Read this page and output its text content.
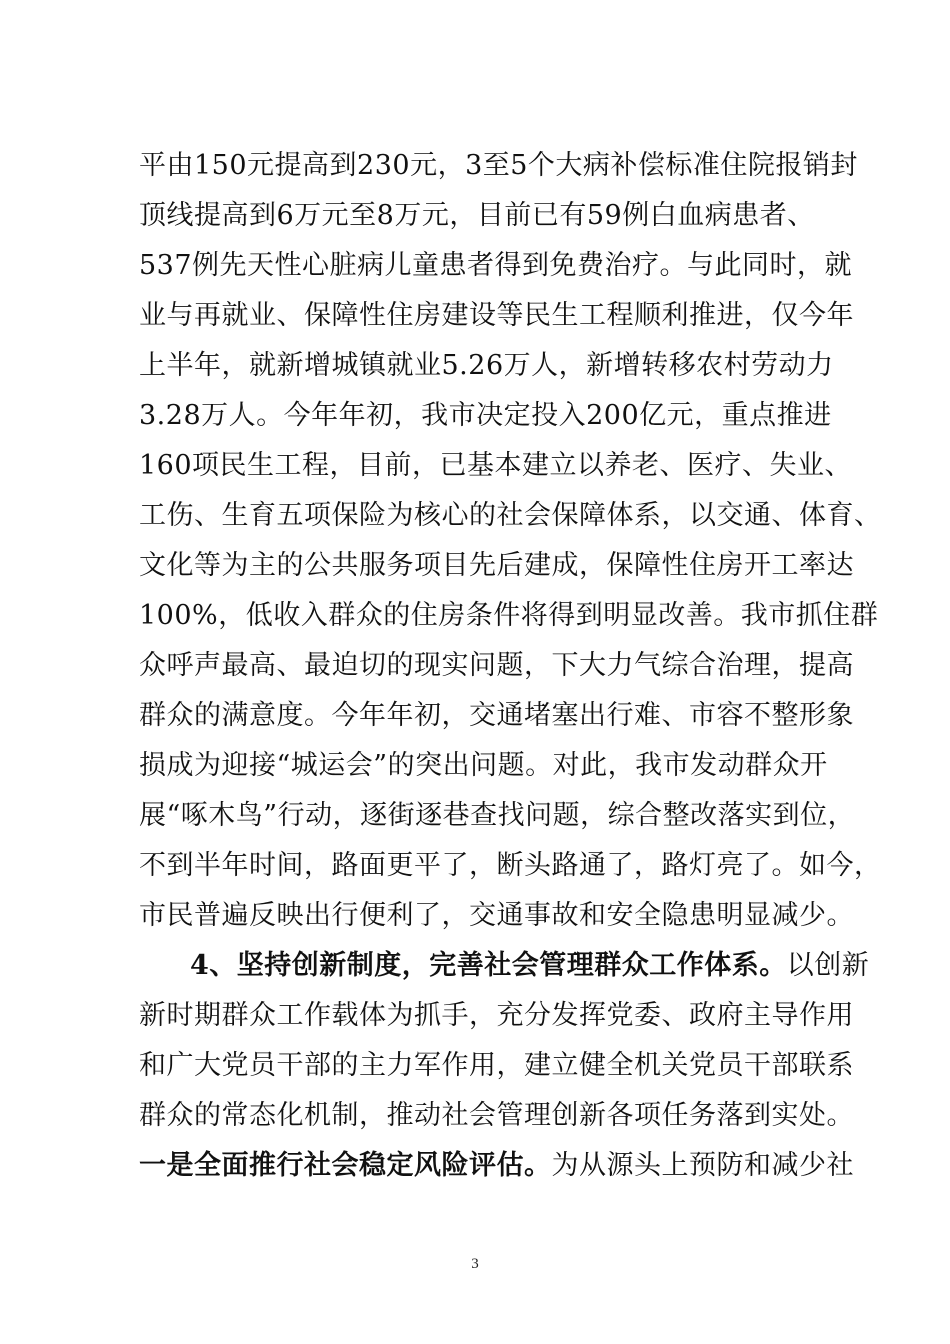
平由150元提高到230元，3至5个大病补偿标准住院报销封
顶线提高到6万元至8万元，目前已有59例白血病患者、
537例先天性心脏病儿童患者得到免费治疗。与此同时，就
业与再就业、保障性住房建设等民生工程顺利推进，仅今年
上半年，就新增城镇就业5.26万人，新增转移农村劳动力
3.28万人。今年年初，我市决定投入200亿元，重点推进
160项民生工程，目前，已基本建立以养老、医疗、失业、
工伤、生育五项保险为核心的社会保障体系，以交通、体育、
文化等为主的公共服务项目先后建成，保障性住房开工率达
100%，低收入群众的住房条件将得到明显改善。我市抓住群
众呼声最高、最迫切的现实问题，下大力气综合治理，提高
群众的满意度。今年年初，交通堵塞出行难、市容不整形象
损成为迎接“城运会”的突出问题。对此，我市发动群众开
展“啄木鸟”行动，逐街逐巷查找问题，综合整改落实到位，
不到半年时间，路面更平了，断头路通了，路灯亮了。如今，
市民普遍反映出行便利了，交通事故和安全隐患明显减少。
4、坚持创新制度，完善社会管理群众工作体系。以创新
新时期群众工作载体为抓手，充分发挥党委、政府主导作用
和广大党员干部的主力军作用，建立健全机关党员干部联系
群众的常态化机制，推动社会管理创新各项任务落到实处。
一是全面推行社会稳定风险评估。为从源头上预防和减少社
3
